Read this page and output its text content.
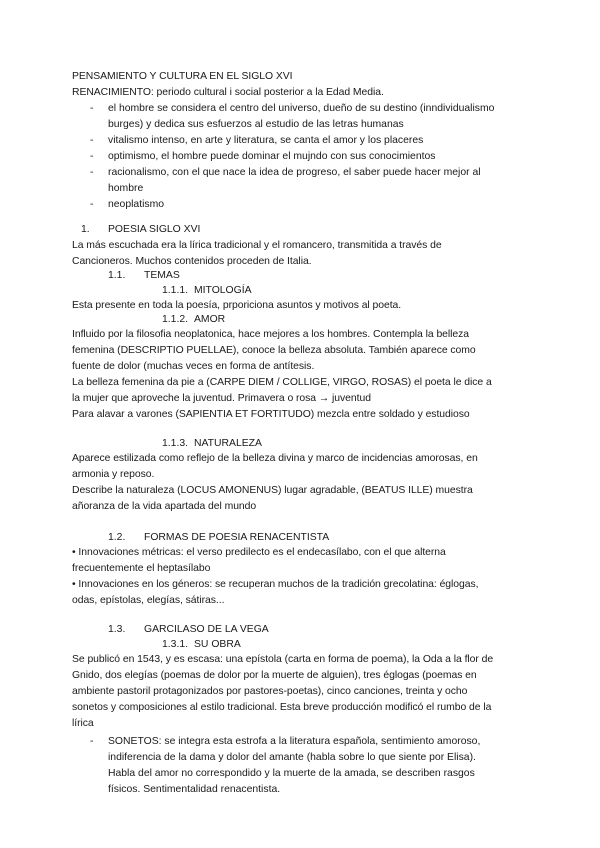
PENSAMIENTO Y CULTURA EN EL SIGLO XVI
RENACIMIENTO: periodo cultural i social posterior a la Edad Media.
- el hombre se considera el centro del universo, dueño de su destino (inndividualismo
burges) y dedica sus esfuerzos al estudio de las letras humanas
- vitalismo intenso, en arte y literatura, se canta el amor y los placeres
- optimismo, el hombre puede dominar el mujndo con sus conocimientos
- racionalismo, con el que nace la idea de progreso, el saber puede hacer mejor al
hombre
- neoplatismo
1. POESIA SIGLO XVI
La más escuchada era la lírica tradicional y el romancero, transmitida a través de
Cancioneros. Muchos contenidos proceden de Italia.
1.1. TEMAS
1.1.1. MITOLOGÍA
Esta presente en toda la poesía, prporiciona asuntos y motivos al poeta.
1.1.2. AMOR
Influido por la filosofia neoplatonica, hace mejores a los hombres. Contempla la belleza
femenina (DESCRIPTIO PUELLAE), conoce la belleza absoluta. También aparece como
fuente de dolor (muchas veces en forma de antítesis.
La belleza femenina da pie a (CARPE DIEM / COLLIGE, VIRGO, ROSAS) el poeta le dice a
la mujer que aproveche la juventud. Primavera o rosa → juventud
Para alavar a varones (SAPIENTIA ET FORTITUDO) mezcla entre soldado y estudioso
1.1.3. NATURALEZA
Aparece estilizada como reflejo de la belleza divina y marco de incidencias amorosas, en
armonia y reposo.
Describe la naturaleza (LOCUS AMONENUS) lugar agradable, (BEATUS ILLE) muestra
añoranza de la vida apartada del mundo
1.2. FORMAS DE POESIA RENACENTISTA
• Innovaciones métricas: el verso predilecto es el endecasílabo, con el que alterna
frecuentemente el heptasílabo
• Innovaciones en los géneros: se recuperan muchos de la tradición grecolatina: églogas,
odas, epístolas, elegías, sátiras...
1.3. GARCILASO DE LA VEGA
1.3.1. SU OBRA
Se publicó en 1543, y es escasa: una epístola (carta en forma de poema), la Oda a la flor de
Gnido, dos elegías (poemas de dolor por la muerte de alguien), tres églogas (poemas en
ambiente pastoril protagonizados por pastores-poetas), cinco canciones, treinta y ocho
sonetos y composiciones al estilo tradicional. Esta breve producción modificó el rumbo de la
lírica
- SONETOS: se integra esta estrofa a la literatura española, sentimiento amoroso,
indiferencia de la dama y dolor del amante (habla sobre lo que siente por Elisa).
Habla del amor no correspondido y la muerte de la amada, se describen rasgos
físicos. Sentimentalidad renacentista.
